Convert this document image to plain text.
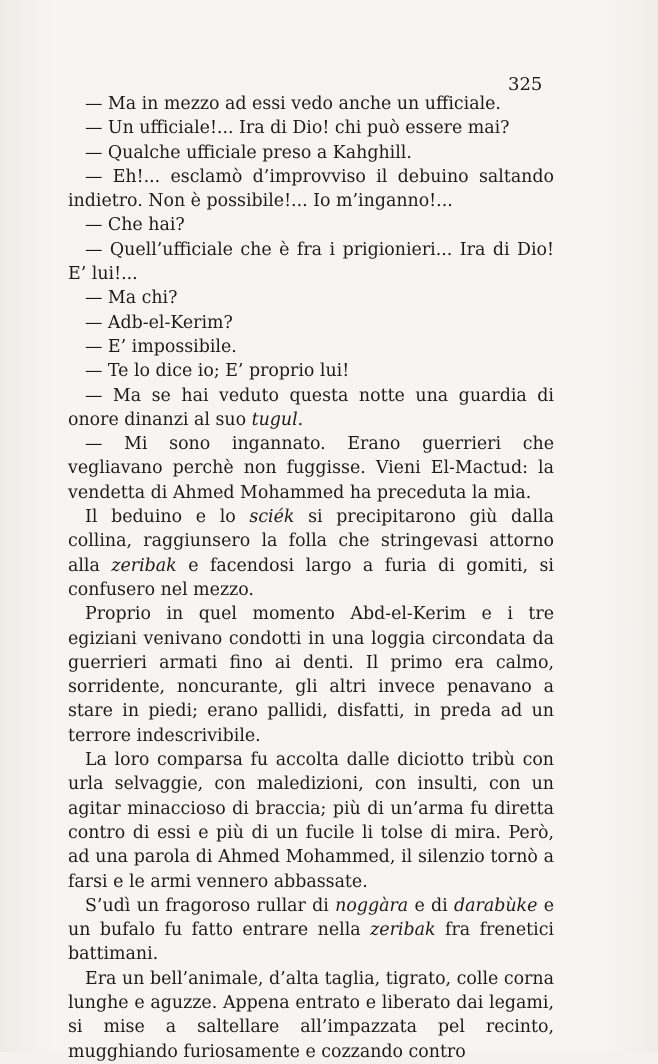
325

— Ma in mezzo ad essi vedo anche un ufficiale.

— Un ufficiale!... Ira di Dio! chi può essere mai?

— Qualche ufficiale preso a Kahghill.

— Eh!... esclamò d’improvviso il debuino saltando indietro. Non è possibile!... Io m’inganno!...

— Che hai?

— Quell’ufficiale che è fra i prigionieri... Ira di Dio! E’ lui!...

— Ma chi?

— Adb-el-Kerim?

— E’ impossibile.

— Te lo dice io; E’ proprio lui!

— Ma se hai veduto questa notte una guardia di onore dinanzi al suo tugul.

— Mi sono ingannato. Erano guerrieri che vegliavano perchè non fuggisse. Vieni El-Mactud: la vendetta di Ahmed Mohammed ha preceduta la mia.

Il beduino e lo sciék si precipitarono giù dalla collina, raggiunsero la folla che stringevasi attorno alla zeribak e facendosi largo a furia di gomiti, si confusero nel mezzo.

Proprio in quel momento Abd-el-Kerim e i tre egiziani venivano condotti in una loggia circondata da guerrieri armati fino ai denti. Il primo era calmo, sorridente, noncurante, gli altri invece penavano a stare in piedi; erano pallidi, disfatti, in preda ad un terrore indescrivibile.

La loro comparsa fu accolta dalle diciotto tribù con urla selvaggie, con maledizioni, con insulti, con un agitar minaccioso di braccia; più di un’arma fu diretta contro di essi e più di un fucile li tolse di mira. Però, ad una parola di Ahmed Mohammed, il silenzio tornò a farsi e le armi vennero abbassate.

S’udì un fragoroso rullar di noggàra e di darabùke e un bufalo fu fatto entrare nella zeribak fra frenetici battimani.

Era un bell’animale, d’alta taglia, tigrato, colle corna lunghe e aguzze. Appena entrato e liberato dai legami, si mise a saltellare all’impazzata pel recinto, mugghiando furiosamente e cozzando contro
